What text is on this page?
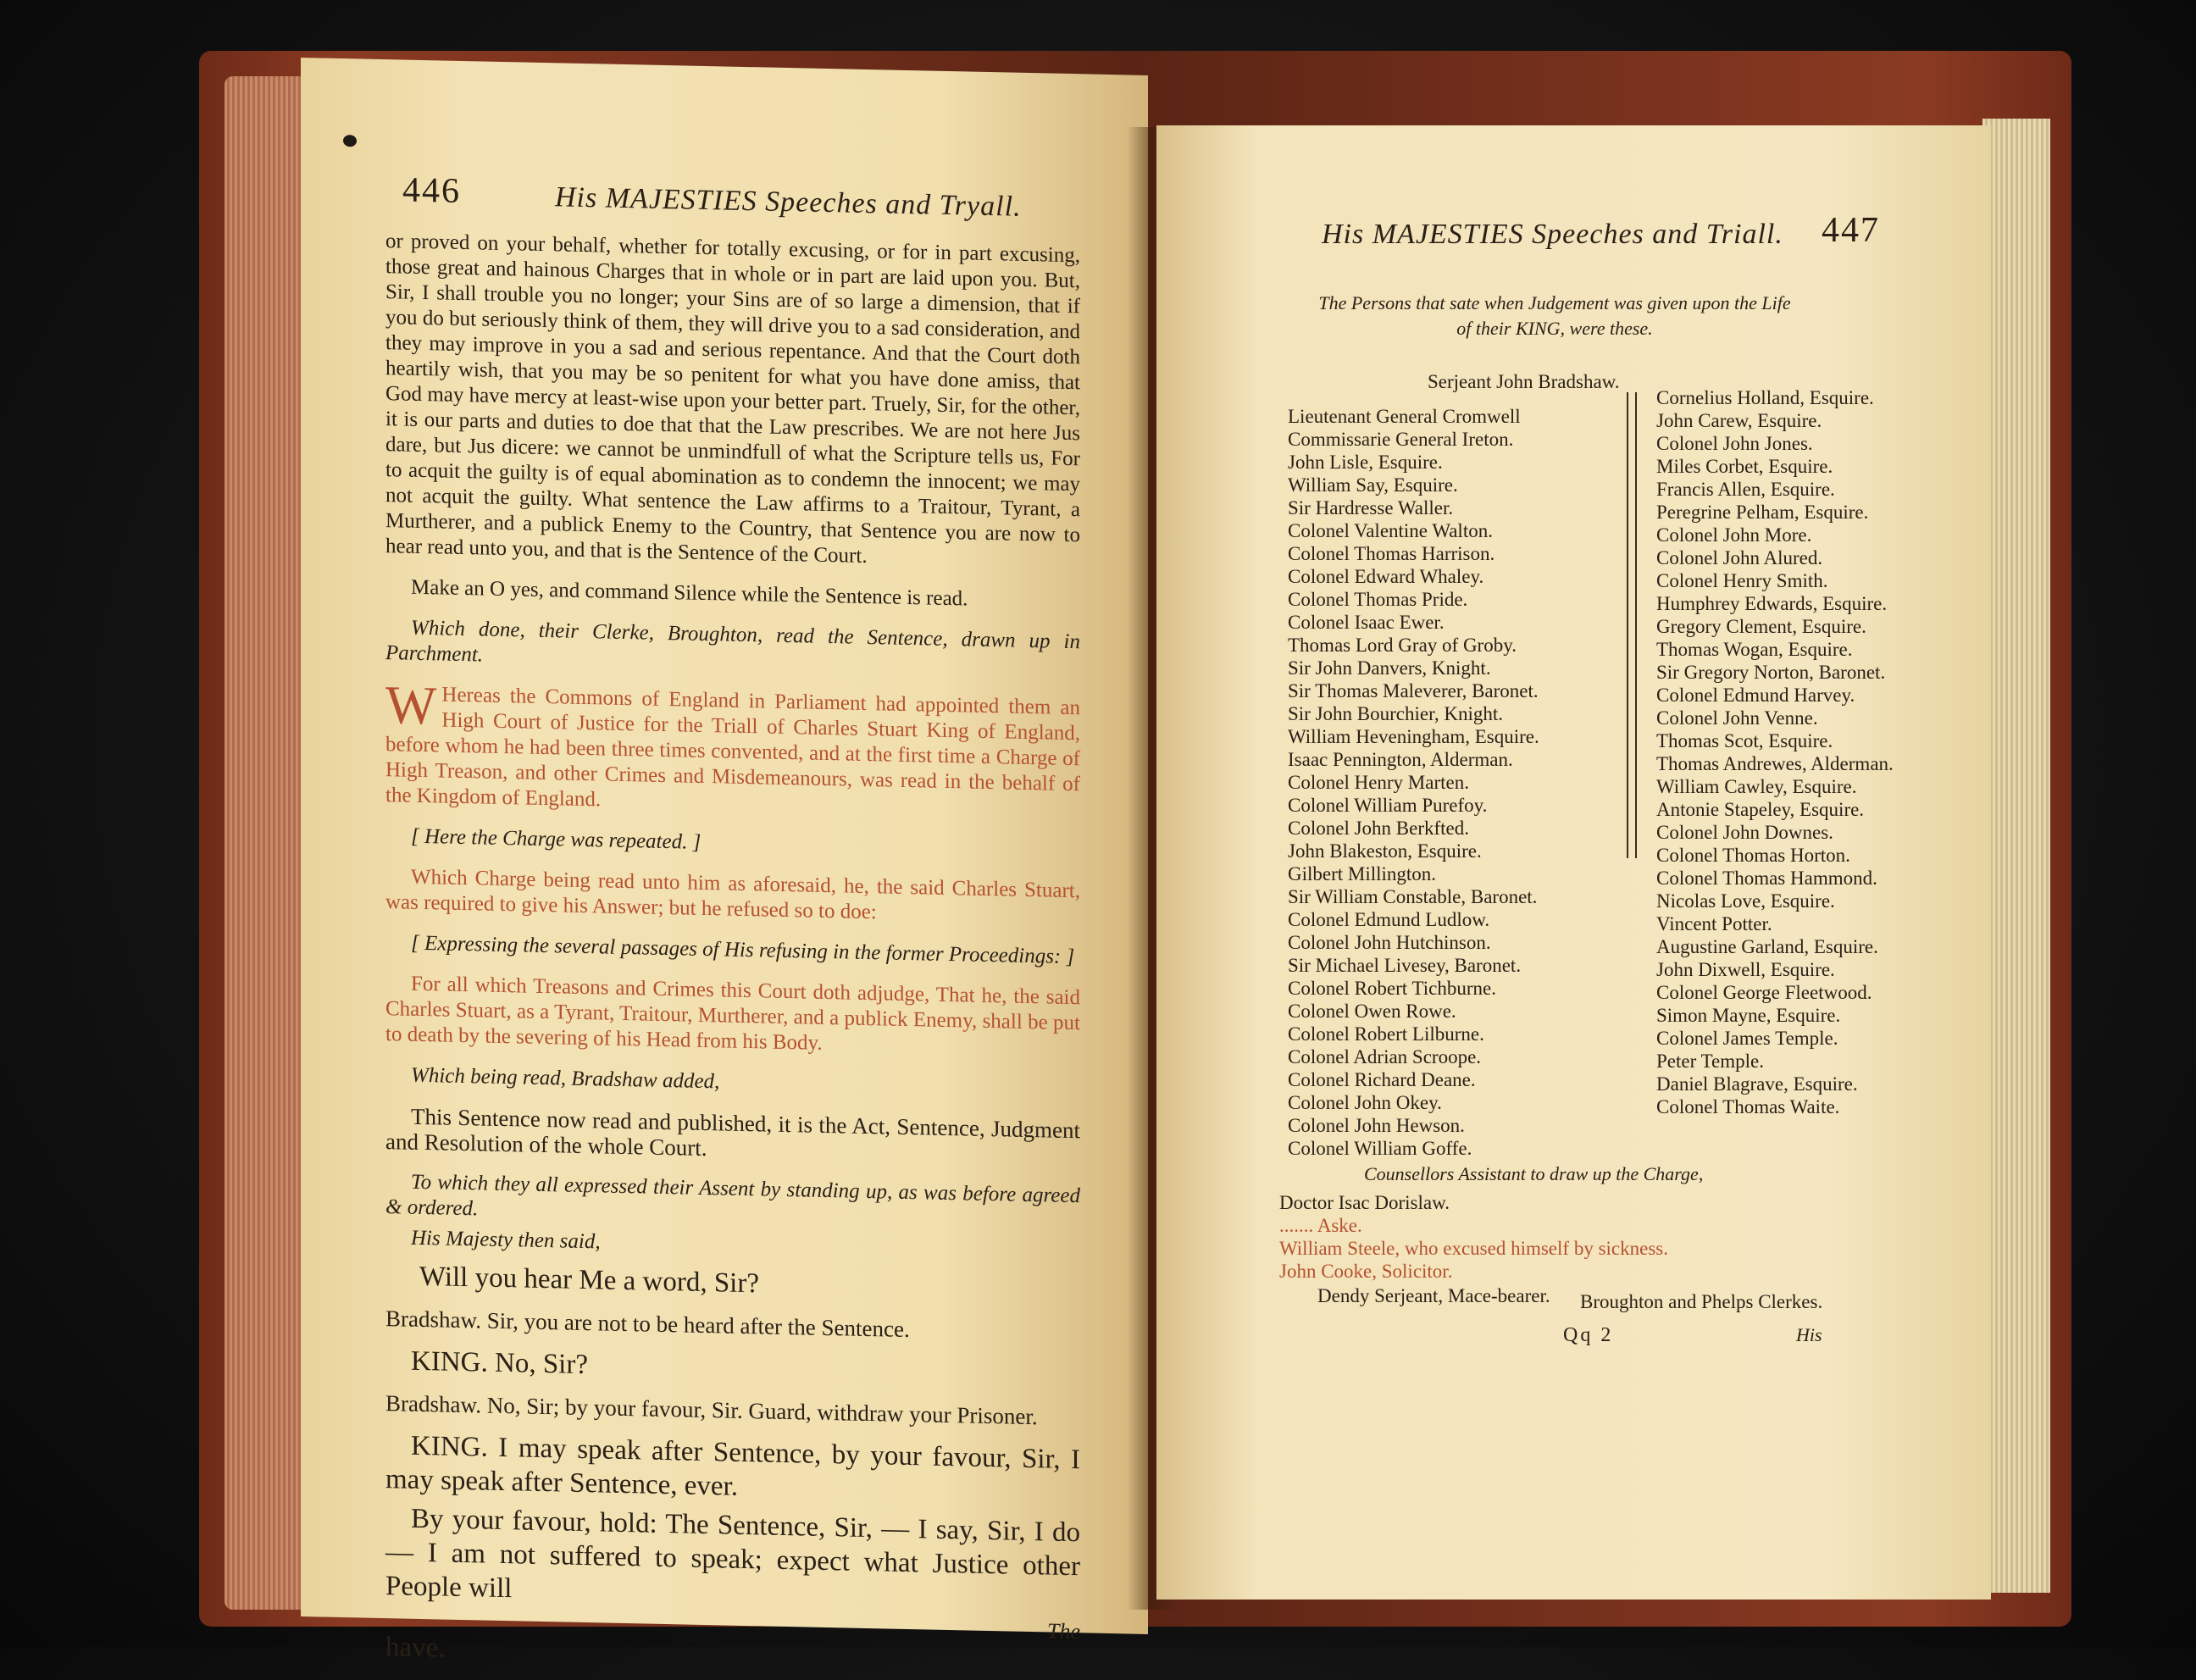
446	His MAJESTIES Speeches and Tryall.

or proved on your behalf, whether for totally excusing, or for in part excusing, those great and hainous Charges that in whole or in part are laid upon you. But, Sir, I shall trouble you no longer; your Sins are of so large a dimension, that if you do but seriously think of them, they will drive you to a sad consideration, and they may improve in you a sad and serious repentance. And that the Court doth heartily wish, that you may be so penitent for what you have done amiss, that God may have mercy at least-wise upon your better part. Truely, Sir, for the other, it is our parts and duties to doe that that the Law prescribes. We are not here Jus dare, but Jus dicere: we cannot be unmindfull of what the Scripture tells us, For to acquit the guilty is of equal abomination as to condemn the innocent; we may not acquit the guilty. What sentence the Law affirms to a Traitour, Tyrant, a Murtherer, and a publick Enemy to the Country, that Sentence you are now to hear read unto you, and that is the Sentence of the Court.

Make an O yes, and command Silence while the Sentence is read.

Which done, their Clerke, Broughton, read the Sentence, drawn up in Parchment.

W Hereas the Commons of England in Parliament had appointed them an High Court of Justice for the Triall of Charles Stuart King of England, before whom he had been three times convented, and at the first time a Charge of High Treason, and other Crimes and Misdemeanours, was read in the behalf of the Kingdom of England.

[ Here the Charge was repeated. ]

Which Charge being read unto him as aforesaid, he, the said Charles Stuart, was required to give his Answer; but he refused so to doe:

[ Expressing the several passages of His refusing in the former Proceedings: ]

For all which Treasons and Crimes this Court doth adjudge, That he, the said Charles Stuart, as a Tyrant, Traitour, Murtherer, and a publick Enemy, shall be put to death by the severing of his Head from his Body.

Which being read, Bradshaw added,

This Sentence now read and published, it is the Act, Sentence, Judgment and Resolution of the whole Court.

To which they all expressed their Assent by standing up, as was before agreed & ordered.

His Majesty then said,

Will you hear Me a word, Sir?

Bradshaw. Sir, you are not to be heard after the Sentence.

KING. No, Sir?

Bradshaw. No, Sir; by your favour, Sir. Guard, withdraw your Prisoner.

KING. I may speak after Sentence, by your favour, Sir, I may speak after Sentence, ever.

By your favour, hold: The Sentence, Sir, — I say, Sir, I do — I am not suffered to speak; expect what Justice other People will

The
have.
His MAJESTIES Speeches and Triall. 447
The Persons that sate when Judgement was given upon the Life of their KING, were these.
Serjeant John Bradshaw.
Lieutenant General Cromwell
Commissarie General Ireton.
John Lisle, Esquire.
William Say, Esquire.
Sir Hardresse Waller.
Colonel Valentine Walton.
Colonel Thomas Harrison.
Colonel Edward Whaley.
Colonel Thomas Pride.
Colonel Isaac Ewer.
Thomas Lord Gray of Groby.
Sir John Danvers, Knight.
Sir Thomas Maleverer, Baronet.
Sir John Bourchier, Knight.
William Heveningham, Esquire.
Isaac Pennington, Alderman.
Colonel Henry Marten.
Colonel William Purefoy.
Colonel John Berkfted.
John Blakeston, Esquire.
Gilbert Millington.
Sir William Constable, Baronet.
Colonel Edmund Ludlow.
Colonel John Hutchinson.
Sir Michael Livesey, Baronet.
Colonel Robert Tichburne.
Colonel Owen Rowe.
Colonel Robert Lilburne.
Colonel Adrian Scroope.
Colonel Richard Deane.
Colonel John Okey.
Colonel John Hewson.
Colonel William Goffe.
Cornelius Holland, Esquire.
John Carew, Esquire.
Colonel John Jones.
Miles Corbet, Esquire.
Francis Allen, Esquire.
Peregrine Pelham, Esquire.
Colonel John More.
Colonel John Alured.
Colonel Henry Smith.
Humphrey Edwards, Esquire.
Gregory Clement, Esquire.
Thomas Wogan, Esquire.
Sir Gregory Norton, Baronet.
Colonel Edmund Harvey.
Colonel John Venne.
Thomas Scot, Esquire.
Thomas Andrewes, Alderman.
William Cawley, Esquire.
Antonie Stapeley, Esquire.
Colonel John Downes.
Colonel Thomas Horton.
Colonel Thomas Hammond.
Nicolas Love, Esquire.
Vincent Potter.
Augustine Garland, Esquire.
John Dixwell, Esquire.
Colonel George Fleetwood.
Simon Mayne, Esquire.
Colonel James Temple.
Peter Temple.
Daniel Blagrave, Esquire.
Colonel Thomas Waite.
Counsellors Assistant to draw up the Charge,
Doctor Isac Dorislaw.
....... Aske.
William Steele, who excused himself by sickness.
John Cooke, Solicitor.
Dendy Serjeant, Mace-bearer. Broughton and Phelps Clerkes.
Qq 2	His
